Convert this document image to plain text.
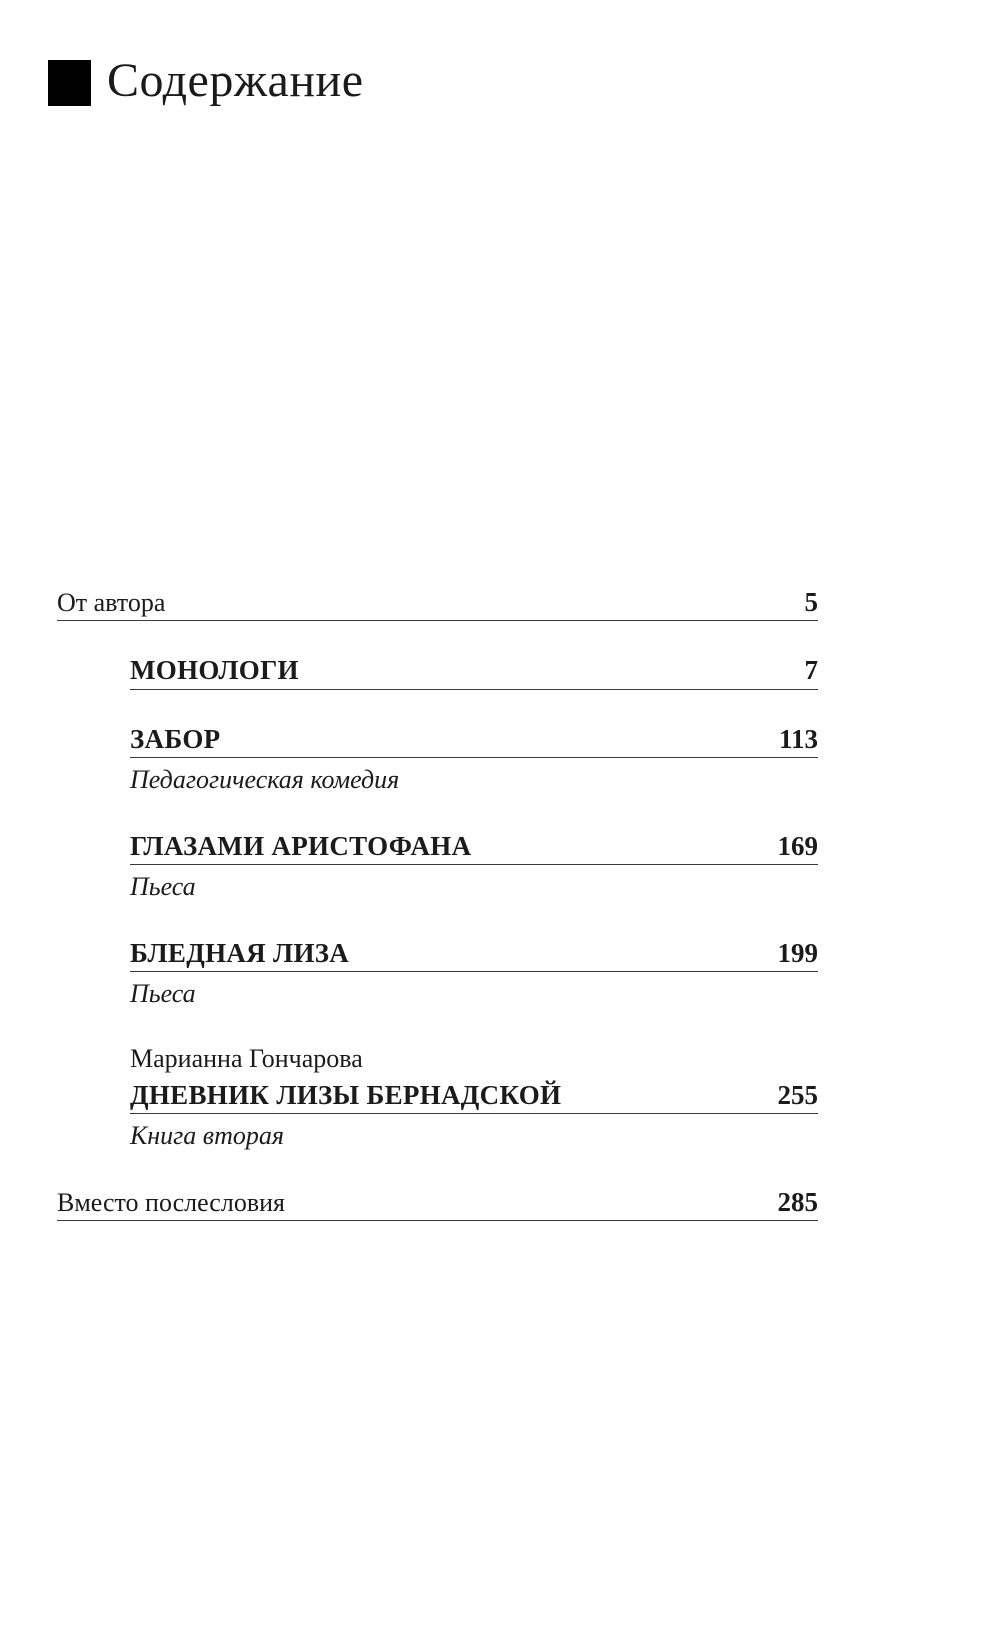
Содержание
От автора	5
МОНОЛОГИ	7
ЗАБОР	113
Педагогическая комедия
ГЛАЗАМИ АРИСТОФАНА	169
Пьеса
БЛЕДНАЯ ЛИЗА	199
Пьеса
Марианна Гончарова
ДНЕВНИК ЛИЗЫ БЕРНАДСКОЙ	255
Книга вторая
Вместо послесловия	285
